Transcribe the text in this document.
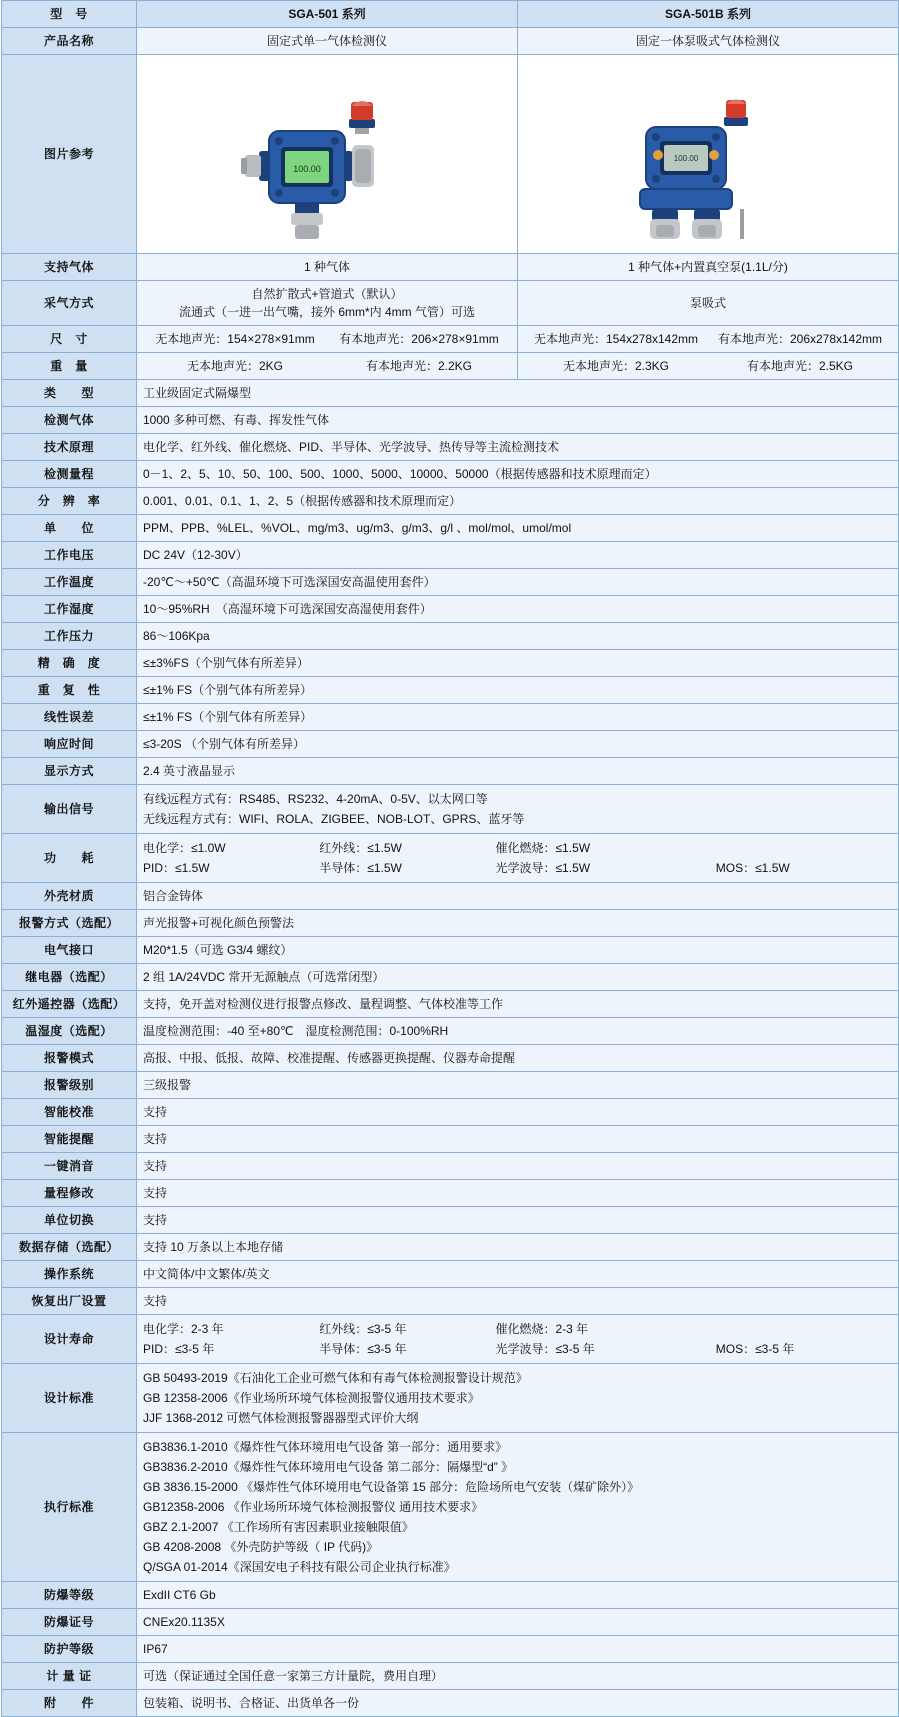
型　号	SGA-501 系列	SGA-501B 系列
产品名称	固定式单一气体检测仪	固定一体泵吸式气体检测仪
图片参考	100.00	100.00

支持气体	1 种气体	1 种气体+内置真空泵(1.1L/分)
采气方式	自然扩散式+管道式（默认）
流通式（一进一出气嘴，接外 6mm*内 4mm 气管）可选	泵吸式
尺　寸	无本地声光：154×278×91mm	有本地声光：206×278×91mm	无本地声光：154x278x142mm	有本地声光：206x278x142mm

重　量	无本地声光：2KG	有本地声光：2.2KG	无本地声光：2.3KG	有本地声光：2.5KG

类　　型	工业级固定式隔爆型	
检测气体	1000 多种可燃、有毒、挥发性气体	
技术原理	电化学、红外线、催化燃烧、PID、半导体、光学波导、热传导等主流检测技术	
检测量程	0－1、2、5、10、50、100、500、1000、5000、10000、50000（根据传感器和技术原理而定）	
分　辨　率	0.001、0.01、0.1、1、2、5（根据传感器和技术原理而定）	
单　　位	PPM、PPB、%LEL、%VOL、mg/m3、ug/m3、g/m3、g/l 、mol/mol、umol/mol	
工作电压	DC 24V（12-30V）	
工作温度	-20℃～+50℃（高温环境下可选深国安高温使用套件）	
工作湿度	10～95%RH　（高湿环境下可选深国安高湿使用套件）	
工作压力	86～106Kpa	
精　确　度	≤±3%FS（个别气体有所差异）	
重　复　性	≤±1% FS（个别气体有所差异）	
线性误差	≤±1% FS（个别气体有所差异）	
响应时间	≤3-20S （个别气体有所差异）	
显示方式	2.4 英寸液晶显示	
输出信号	有线远程方式有：RS485、RS232、4-20mA、0-5V、以太网口等
无线远程方式有：WIFI、ROLA、ZIGBEE、NOB-LOT、GPRS、蓝牙等	

功　　耗	
电化学：≤1.0W	红外线：≤1.5W	催化燃烧：≤1.5W
PID：≤1.5W	半导体：≤1.5W	光学波导：≤1.5W	MOS：≤1.5W

外壳材质	铝合金铸体	
报警方式（选配）	声光报警+可视化颜色预警法	
电气接口	M20*1.5（可选 G3/4 螺纹）	
继电器（选配）	2 组 1A/24VDC 常开无源触点（可选常闭型）	
红外遥控器（选配）	支持，免开盖对检测仪进行报警点修改、量程调整、气体校准等工作	
温湿度（选配）	温度检测范围：-40 至+80℃　湿度检测范围：0-100%RH	
报警模式	高报、中报、低报、故障、校准提醒、传感器更换提醒、仪器寿命提醒	
报警级别	三级报警	
智能校准	支持	
智能提醒	支持	
一键消音	支持	
量程修改	支持	
单位切换	支持	
数据存储（选配）	支持 10 万条以上本地存储	
操作系统	中文简体/中文繁体/英文	
恢复出厂设置	支持	
设计寿命	
电化学：2-3 年	红外线：≤3-5 年	催化燃烧：2-3 年
PID：≤3-5 年	半导体：≤3-5 年	光学波导：≤3-5 年	MOS：≤3-5 年

设计标准	GB 50493-2019《石油化工企业可燃气体和有毒气体检测报警设计规范》
GB 12358-2006《作业场所环境气体检测报警仪通用技术要求》
JJF 1368-2012 可燃气体检测报警器器型式评价大纲	

执行标准	
GB3836.1-2010《爆炸性气体环境用电气设备 第一部分：通用要求》
GB3836.2-2010《爆炸性气体环境用电气设备 第二部分：隔爆型“d” 》
GB 3836.15-2000 《爆炸性气体环境用电气设备第 15 部分：危险场所电气安装（煤矿除外）》
GB12358-2006 《作业场所环境气体检测报警仪 通用技术要求》
GBZ 2.1-2007 《工作场所有害因素职业接触限值》
GB 4208-2008 《外壳防护等级（ IP 代码)》
Q/SGA 01-2014《深国安电子科技有限公司企业执行标准》

防爆等级	ExdII CT6 Gb	
防爆证号	CNEx20.1135X	
防护等级	IP67	
计 量 证	可选（保证通过全国任意一家第三方计量院，费用自理）	
附　　件	包装箱、说明书、合格证、出货单各一份	
